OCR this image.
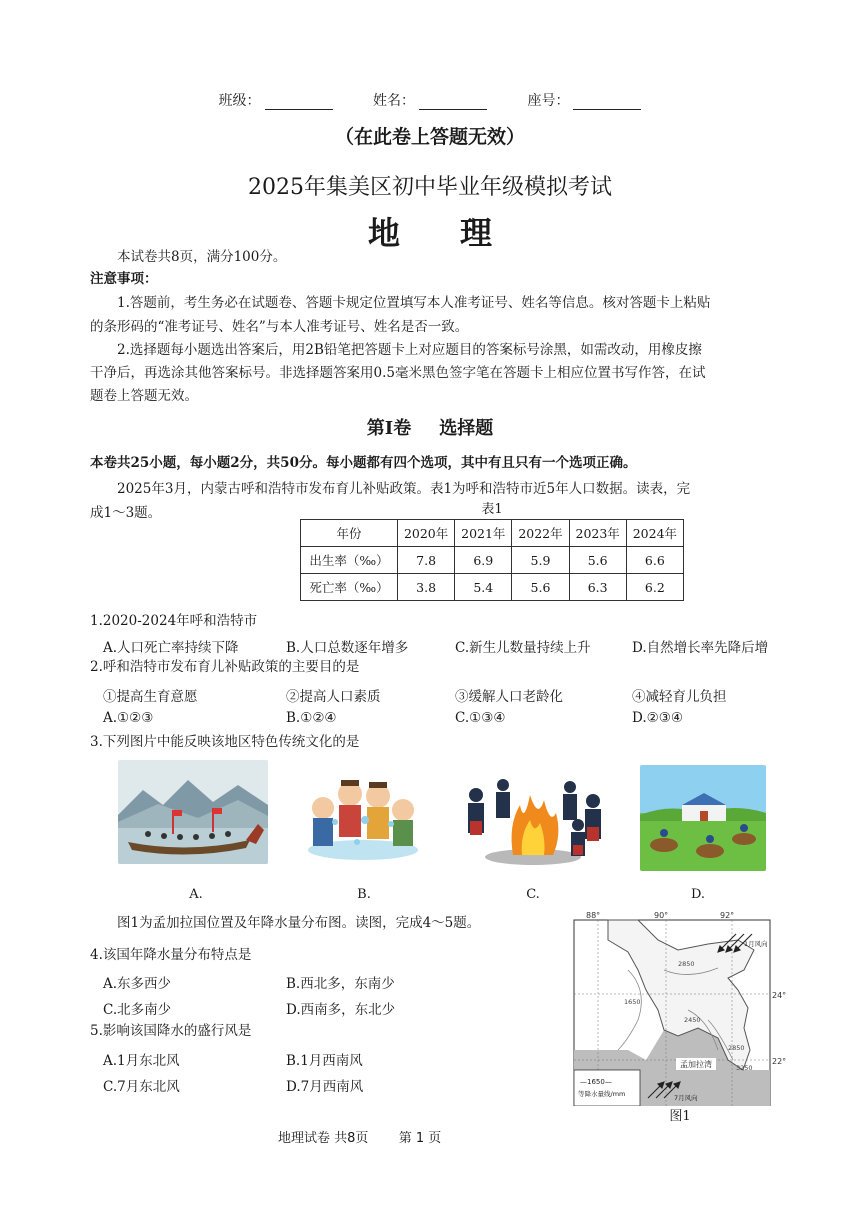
班级：	姓名：	座号：
（在此卷上答题无效）
2025年集美区初中毕业年级模拟考试
地理
本试卷共8页，满分100分。
注意事项：
1.答题前，考生务必在试题卷、答题卡规定位置填写本人准考证号、姓名等信息。核对答题卡上粘贴
的条形码的“准考证号、姓名”与本人准考证号、姓名是否一致。
2.选择题每小题选出答案后，用2B铅笔把答题卡上对应题目的答案标号涂黑，如需改动，用橡皮擦
干净后，再选涂其他答案标号。非选择题答案用0.5毫米黑色签字笔在答题卡上相应位置书写作答，在试
题卷上答题无效。
第I卷 选择题
本卷共25小题，每小题2分，共50分。每小题都有四个选项，其中有且只有一个选项正确。
2025年3月，内蒙古呼和浩特市发布育儿补贴政策。表1为呼和浩特市近5年人口数据。读表，完
成1～3题。	表1
年份	2020年	2021年	2022年	2023年	2024年
出生率（‰）	7.8	6.9	5.9	5.6	6.6
死亡率（‰）	3.8	5.4	5.6	6.3	6.2
1.2020-2024年呼和浩特市
A.人口死亡率持续下降	B.人口总数逐年增多	C.新生儿数量持续上升	D.自然增长率先降后增
2.呼和浩特市发布育儿补贴政策的主要目的是
①提高生育意愿	②提高人口素质	③缓解人口老龄化	④减轻育儿负担
A.①②③	B.①②④	C.①③④	D.②③④
3.下列图片中能反映该地区特色传统文化的是
A.	B.	C.	D.
图1为孟加拉国位置及年降水量分布图。读图，完成4～5题。
4.该国年降水量分布特点是
A.东多西少	B.西北多，东南少
C.北多南少	D.西南多，东北少
5.影响该国降水的盛行风是
A.1月东北风	B.1月西南风
C.7月东北风	D.7月西南风
88°	90°	92°
24°
22°
2850
1650
2450
2850
3250
1月风向
孟加拉湾
—1650—
等降水量线/mm	7月风向
图1
地理试卷 共8页 第 1 页
